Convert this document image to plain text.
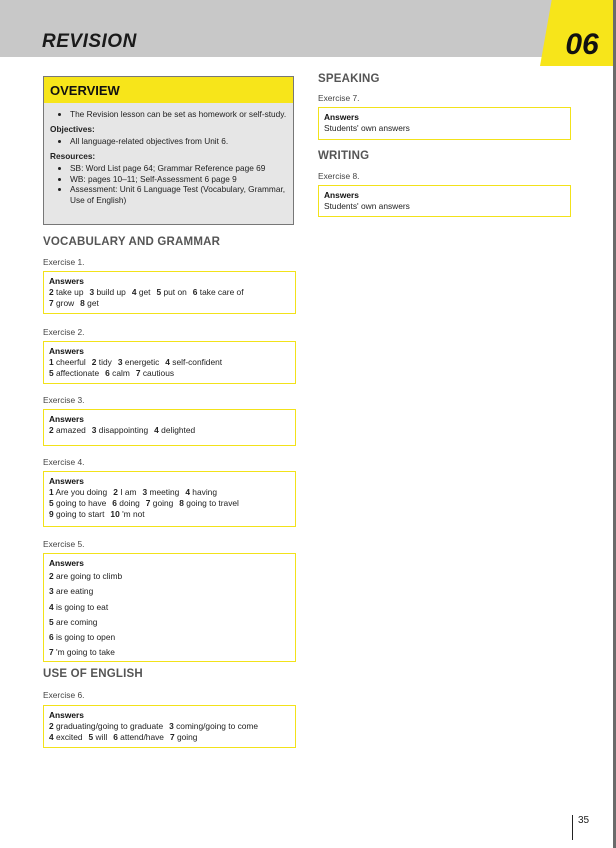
REVISION	06
OVERVIEW
• The Revision lesson can be set as homework or self-study.
Objectives:
• All language-related objectives from Unit 6.
Resources:
• SB: Word List page 64; Grammar Reference page 69
• WB: pages 10–11; Self-Assessment 6 page 9
• Assessment: Unit 6 Language Test (Vocabulary, Grammar, Use of English)
VOCABULARY AND GRAMMAR
Exercise 1.
Answers
2 take up 3 build up 4 get 5 put on 6 take care of
7 grow 8 get
Exercise 2.
Answers
1 cheerful 2 tidy 3 energetic 4 self-confident
5 affectionate 6 calm 7 cautious
Exercise 3.
Answers
2 amazed 3 disappointing 4 delighted
Exercise 4.
Answers
1 Are you doing 2 I am 3 meeting 4 having
5 going to have 6 doing 7 going 8 going to travel
9 going to start 10 'm not
Exercise 5.
Answers
2 are going to climb
3 are eating
4 is going to eat
5 are coming
6 is going to open
7 'm going to take
USE OF ENGLISH
Exercise 6.
Answers
2 graduating/going to graduate 3 coming/going to come
4 excited 5 will 6 attend/have 7 going
SPEAKING
Exercise 7.
Answers
Students' own answers
WRITING
Exercise 8.
Answers
Students' own answers
35
